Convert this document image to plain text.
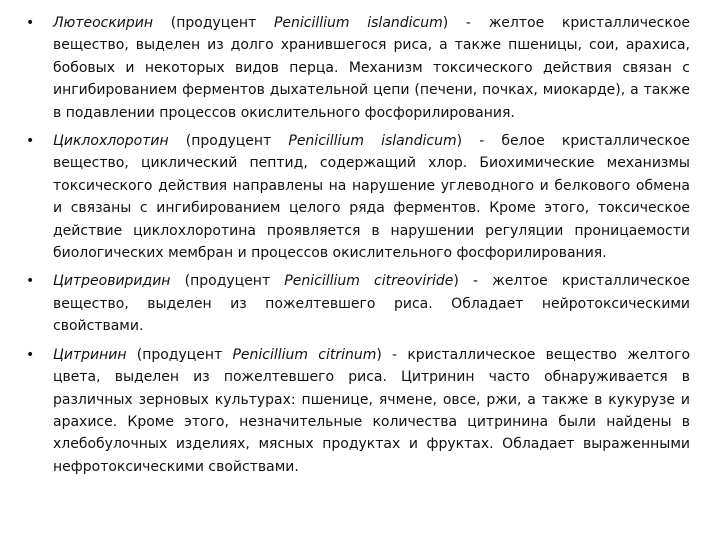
• Лютеоскирин (продуцент Penicillium islandicum) - желтое кристаллическое вещество, выделен из долго хранившегося риса, а также пшеницы, сои, арахиса, бобовых и некоторых видов перца. Механизм токсического действия связан с ингибированием ферментов дыхательной цепи (печени, почках, миокарде), а также в подавлении процессов окислительного фосфорилирования.

• Циклохлоротин (продуцент Penicillium islandicum) - белое кристаллическое вещество, циклический пептид, содержащий хлор. Биохимические механизмы токсического действия направлены на нарушение углеводного и белкового обмена и связаны с ингибированием целого ряда ферментов. Кроме этого, токсическое действие циклохлоротина проявляется в нарушении регуляции проницаемости биологических мембран и процессов окислительного фосфорилирования.

• Цитреовиридин (продуцент Penicillium citreoviride) - желтое кристаллическое вещество, выделен из пожелтевшего риса. Обладает нейротоксическими свойствами.

• Цитринин (продуцент Penicillium citrinum) - кристаллическое вещество желтого цвета, выделен из пожелтевшего риса. Цитринин часто обнаруживается в различных зерновых культурах: пшенице, ячмене, овсе, ржи, а также в кукурузе и арахисе. Кроме этого, незначительные количества цитринина были найдены в хлебобулочных изделиях, мясных продуктах и фруктах. Обладает выраженными нефротоксическими свойствами.
